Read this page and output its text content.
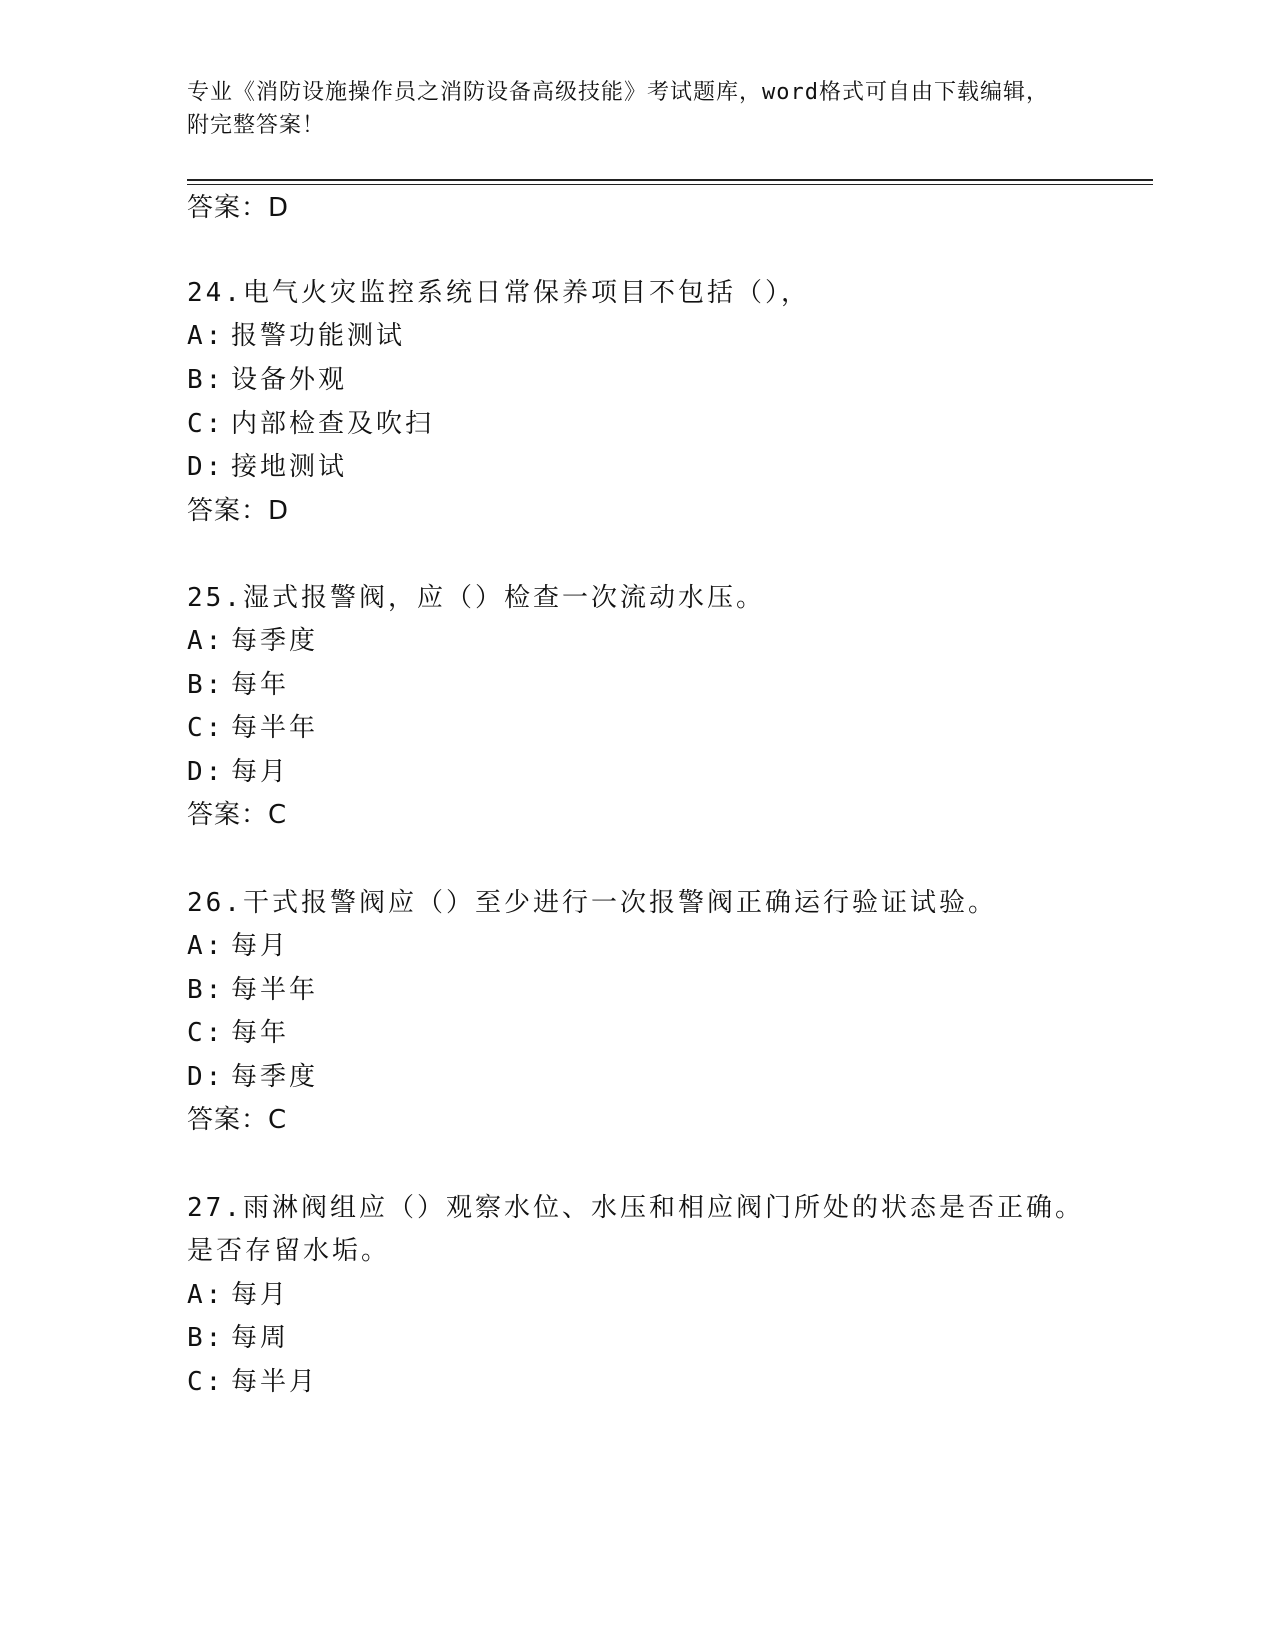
专业《消防设施操作员之消防设备高级技能》考试题库，word格式可自由下载编辑，附完整答案！
答案：D
24.电气火灾监控系统日常保养项目不包括（），
A: 报警功能测试
B: 设备外观
C: 内部检查及吹扫
D: 接地测试
答案：D
25.湿式报警阀，应（）检查一次流动水压。
A: 每季度
B: 每年
C: 每半年
D: 每月
答案：C
26.干式报警阀应（）至少进行一次报警阀正确运行验证试验。
A: 每月
B: 每半年
C: 每年
D: 每季度
答案：C
27.雨淋阀组应（）观察水位、水压和相应阀门所处的状态是否正确。
是否存留水垢。
A: 每月
B: 每周
C: 每半月
